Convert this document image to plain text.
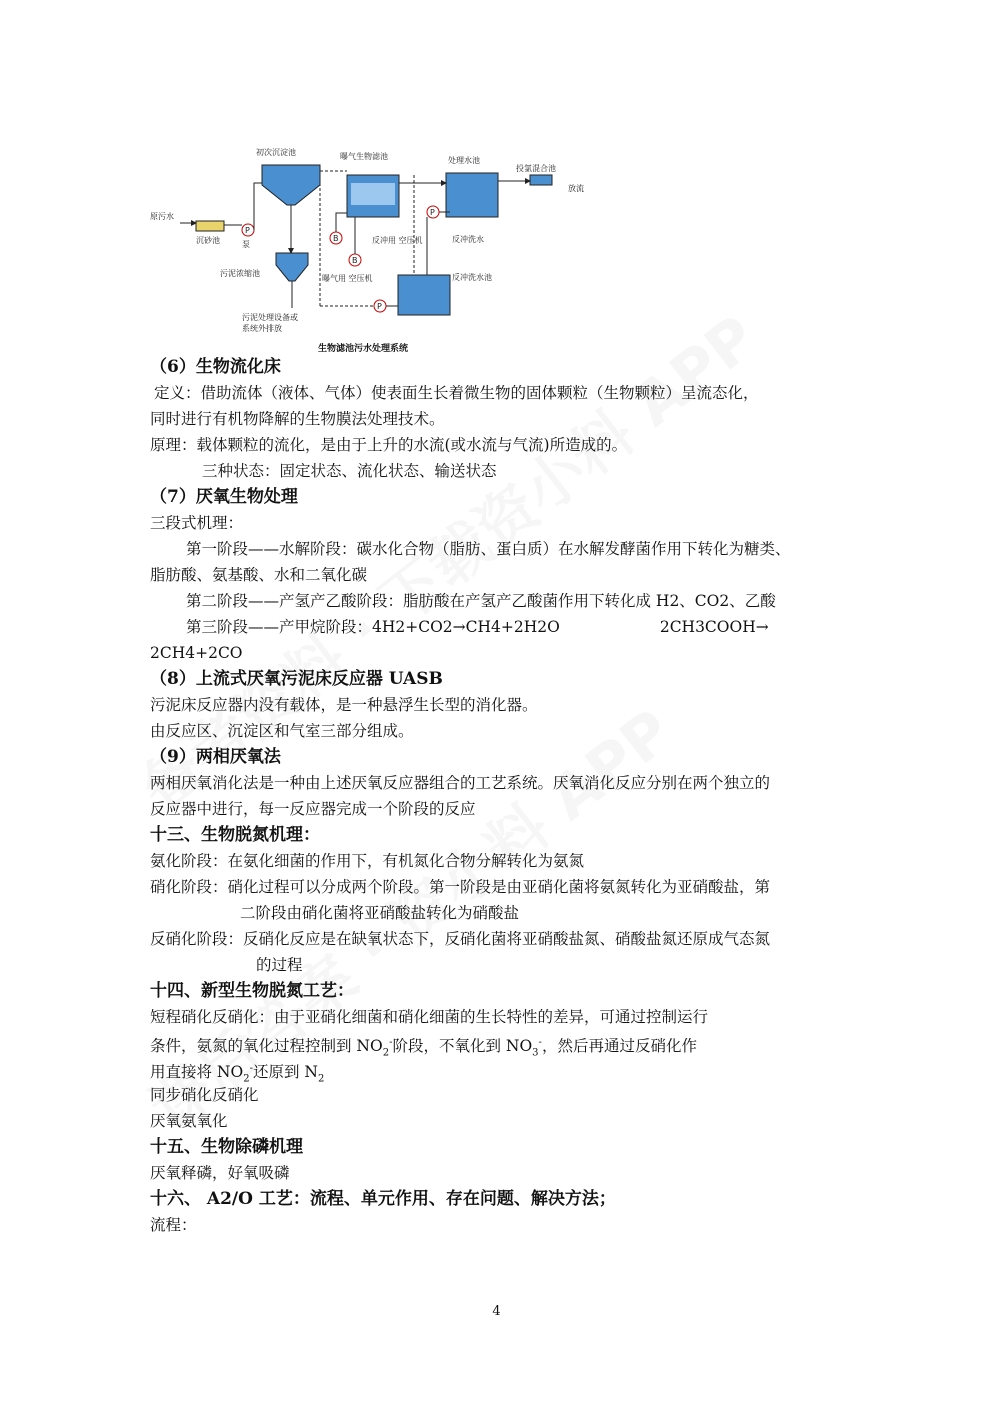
初次沉淀池	曝气生物滤池	处理水池
原污水
沉砂池
P
泵
污泥浓缩池	反冲洗水池
B
B
P
P
反冲用 空压机	反冲洗水
曝气用 空压机
污泥处理设备或
系统外排放
投氯混合池
放流
生物滤池污水处理系统
（6）生物流化床
定义：借助流体（液体、气体）使表面生长着微生物的固体颗粒（生物颗粒）呈流态化，
同时进行有机物降解的生物膜法处理技术。
原理：载体颗粒的流化，是由于上升的水流(或水流与气流)所造成的。
三种状态：固定状态、流化状态、输送状态
（7）厌氧生物处理
三段式机理：
第一阶段——水解阶段：碳水化合物（脂肪、蛋白质）在水解发酵菌作用下转化为糖类、
脂肪酸、氨基酸、水和二氧化碳
第二阶段——产氢产乙酸阶段：脂肪酸在产氢产乙酸菌作用下转化成 H2、CO2、乙酸
第三阶段——产甲烷阶段：4H2+CO2→CH4+2H2O	2CH3COOH→
2CH4+2CO
（8）上流式厌氧污泥床反应器 UASB
污泥床反应器内没有载体，是一种悬浮生长型的消化器。
由反应区、沉淀区和气室三部分组成。
（9）两相厌氧法
两相厌氧消化法是一种由上述厌氧反应器组合的工艺系统。厌氧消化反应分别在两个独立的
反应器中进行，每一反应器完成一个阶段的反应
十三、生物脱氮机理：
氨化阶段：在氨化细菌的作用下，有机氮化合物分解转化为氨氮
硝化阶段：硝化过程可以分成两个阶段。第一阶段是由亚硝化菌将氨氮转化为亚硝酸盐，第
二阶段由硝化菌将亚硝酸盐转化为硝酸盐
反硝化阶段：反硝化反应是在缺氧状态下，反硝化菌将亚硝酸盐氮、硝酸盐氮还原成气态氮
的过程
十四、新型生物脱氮工艺：
短程硝化反硝化：由于亚硝化细菌和硝化细菌的生长特性的差异，可通过控制运行
条件，氨氮的氧化过程控制到 $NO_2^-$阶段，不氧化到 $NO_3^-$，然后再通过反硝化作
用直接将 $NO_2^-$还原到 $N_2$
同步硝化反硝化
厌氧氨氧化
十五、生物除磷机理
厌氧释磷，好氧吸磷
十六、 A2/O 工艺：流程、单元作用、存在问题、解决方法；
流程：
4
